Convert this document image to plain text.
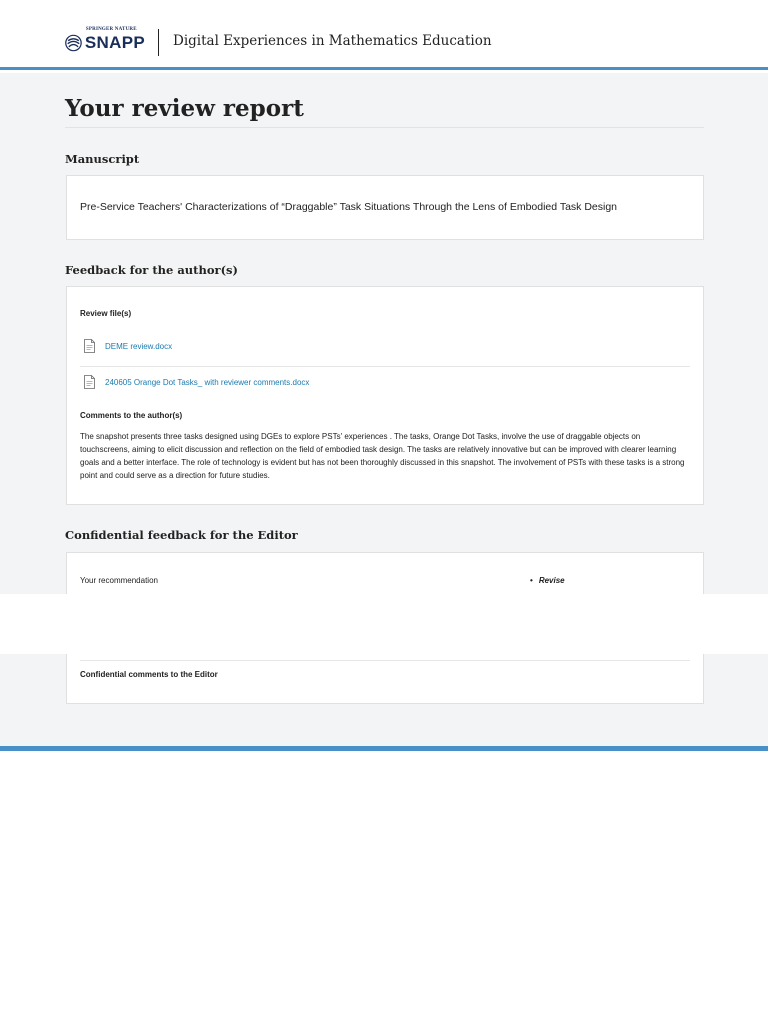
SPRINGER NATURE
SNAPP Digital Experiences in Mathematics Education
Your review report
Manuscript
Pre-Service Teachers' Characterizations of “Draggable” Task Situations Through the Lens of Embodied Task Design
Feedback for the author(s)
Review file(s)
DEME review.docx
240605 Orange Dot Tasks_ with reviewer comments.docx
Comments to the author(s)
The snapshot presents three tasks designed using DGEs to explore PSTs' experiences . The tasks, Orange Dot Tasks, involve the use of draggable objects on touchscreens, aiming to elicit discussion and reflection on the field of embodied task design. The tasks are relatively innovative but can be improved with clearer learning goals and a better interface. The role of technology is evident but has not been thoroughly discussed in this snapshot. The involvement of PSTs with these tasks is a strong point and could serve as a direction for future studies.
Confidential feedback for the Editor
Your recommendation
•	Revise
Confidential comments to the Editor
